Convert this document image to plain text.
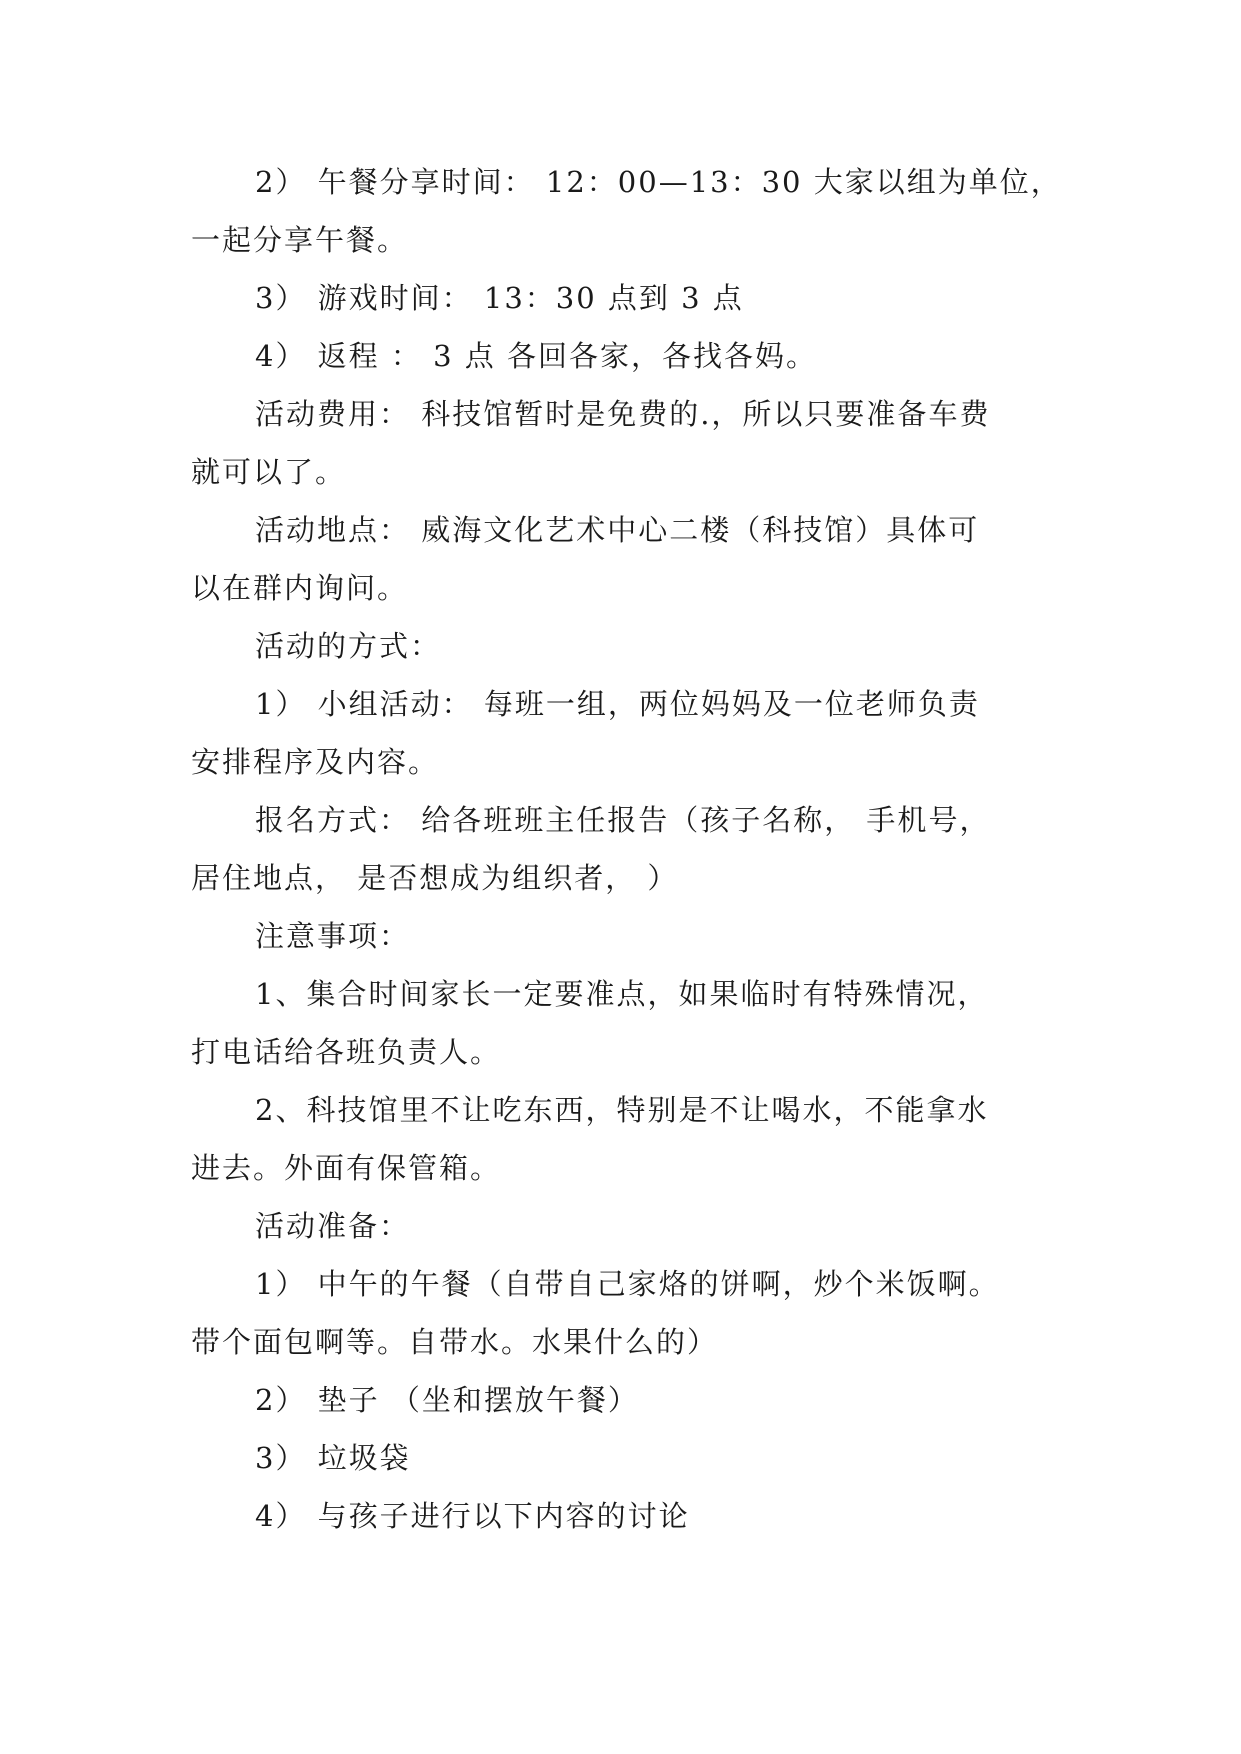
2） 午餐分享时间： 12：00—13：30 大家以组为单位，

一起分享午餐。

3） 游戏时间： 13：30 点到 3 点

4） 返程 ： 3 点 各回各家，各找各妈。

活动费用： 科技馆暂时是免费的.，所以只要准备车费

就可以了。

活动地点： 威海文化艺术中心二楼（科技馆）具体可

以在群内询问。

活动的方式：

1） 小组活动： 每班一组，两位妈妈及一位老师负责

安排程序及内容。

报名方式： 给各班班主任报告（孩子名称， 手机号，

居住地点， 是否想成为组织者， ）

注意事项：

1、集合时间家长一定要准点，如果临时有特殊情况，

打电话给各班负责人。

2、科技馆里不让吃东西，特别是不让喝水，不能拿水

进去。外面有保管箱。

活动准备：

1） 中午的午餐（自带自己家烙的饼啊，炒个米饭啊。

带个面包啊等。自带水。水果什么的）

2） 垫子 （坐和摆放午餐）

3） 垃圾袋

4） 与孩子进行以下内容的讨论
